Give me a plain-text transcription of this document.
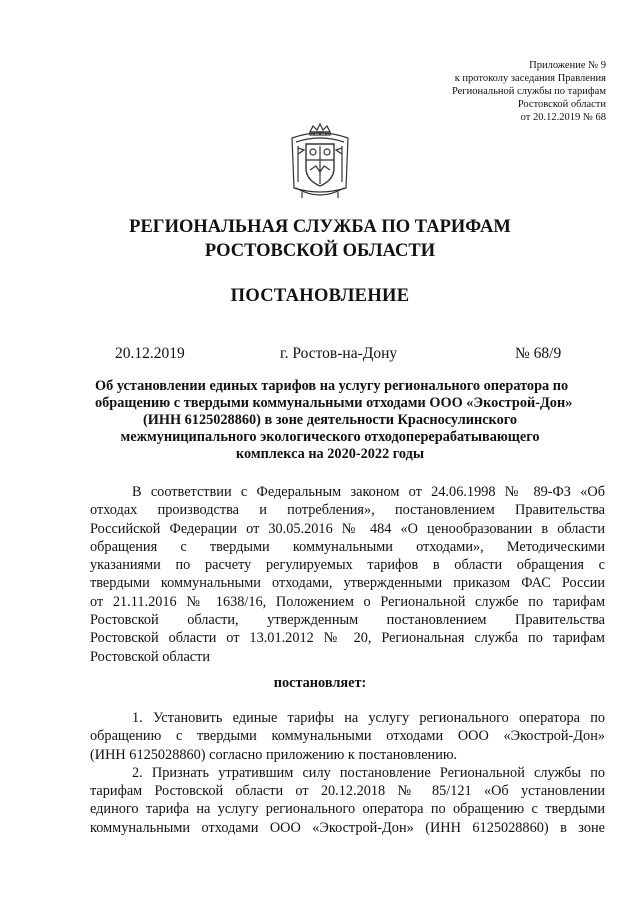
Приложение № 9
к протоколу заседания Правления
Региональной службы по тарифам
Ростовской области
от 20.12.2019 № 68
РЕГИОНАЛЬНАЯ СЛУЖБА ПО ТАРИФАМ
РОСТОВСКОЙ ОБЛАСТИ
ПОСТАНОВЛЕНИЕ
20.12.2019	г. Ростов-на-Дону	№ 68/9
Об установлении единых тарифов на услугу регионального оператора по
обращению с твердыми коммунальными отходами ООО «Экострой-Дон»
(ИНН 6125028860) в зоне деятельности Красносулинского
межмуниципального экологического отходоперерабатывающего
комплекса на 2020-2022 годы
В соответствии с Федеральным законом от 24.06.1998 № 89-ФЗ «Об
отходах производства и потребления», постановлением Правительства
Российской Федерации от 30.05.2016 № 484 «О ценообразовании в области
обращения с твердыми коммунальными отходами», Методическими
указаниями по расчету регулируемых тарифов в области обращения с
твердыми коммунальными отходами, утвержденными приказом ФАС России
от 21.11.2016 № 1638/16, Положением о Региональной службе по тарифам
Ростовской области, утвержденным постановлением Правительства
Ростовской области от 13.01.2012 № 20, Региональная служба по тарифам
Ростовской области
постановляет:
1. Установить единые тарифы на услугу регионального оператора по
обращению с твердыми коммунальными отходами ООО «Экострой-Дон»
(ИНН 6125028860) согласно приложению к постановлению.
2. Признать утратившим силу постановление Региональной службы по
тарифам Ростовской области от 20.12.2018 № 85/121 «Об установлении
единого тарифа на услугу регионального оператора по обращению с твердыми
коммунальными отходами ООО «Экострой-Дон» (ИНН 6125028860) в зоне
